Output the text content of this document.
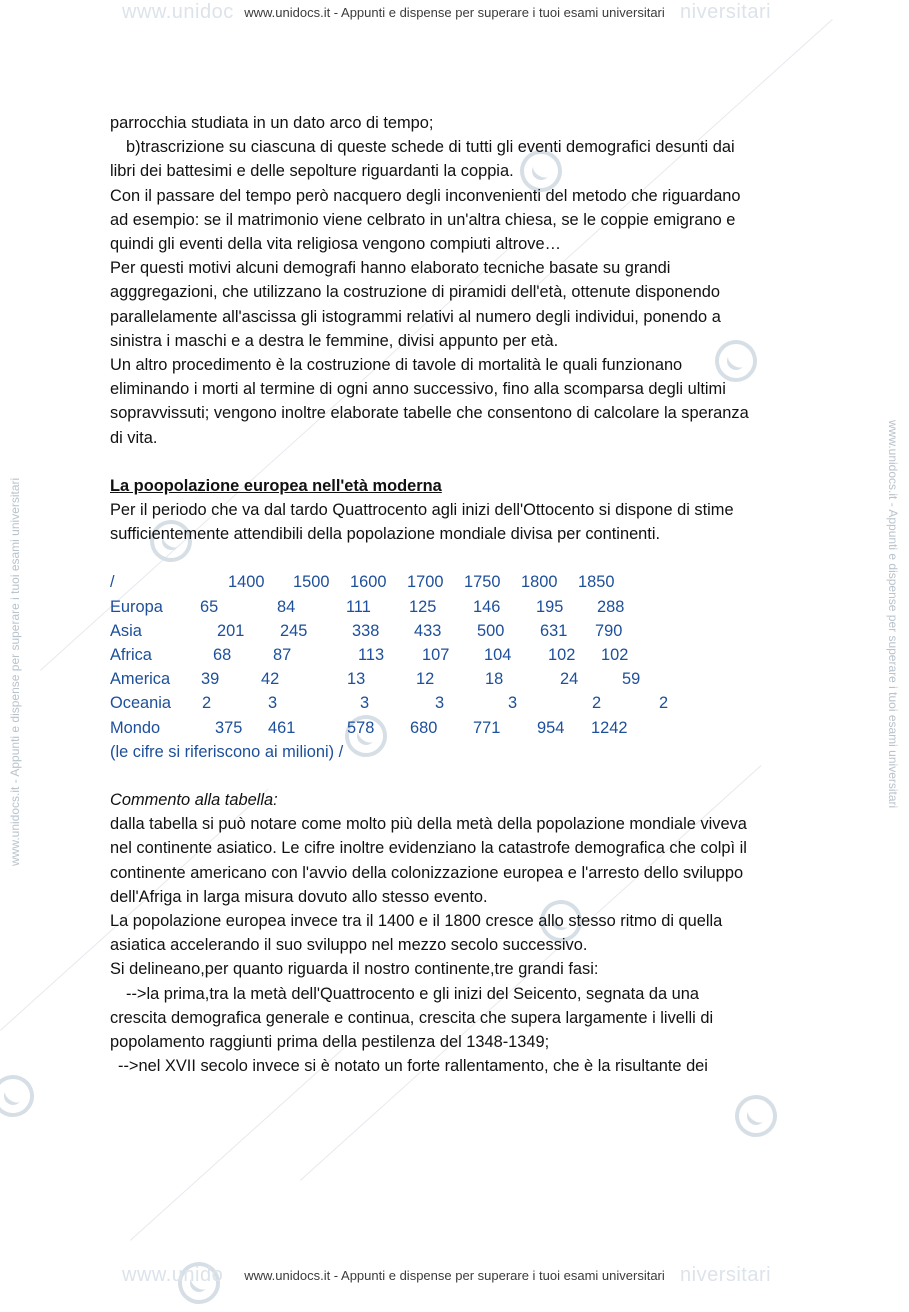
www.unidoc	niversitari
www.unido	niversitari
www.unidocs.it - Appunti e dispense per superare i tuoi esami universitari
www.unidocs.it - Appunti e dispense per superare i tuoi esami universitari
www.unidocs.it - Appunti e dispense per superare i tuoi esami universitari	www.unidocs.it - Appunti e dispense per superare i tuoi esami universitari

parrocchia studiata in un dato arco di tempo;

b)trascrizione su ciascuna di queste schede di tutti gli eventi demografici desunti dai

libri dei battesimi e delle sepolture riguardanti la coppia.

Con il passare del tempo però nacquero degli inconvenienti del metodo che riguardano

ad esempio: se il matrimonio viene celbrato in un'altra chiesa, se le coppie emigrano e

quindi gli eventi della vita religiosa vengono compiuti altrove…

Per questi motivi alcuni demografi hanno elaborato tecniche basate su grandi

agggregazioni, che utilizzano la costruzione di piramidi dell'età, ottenute disponendo

parallelamente all'ascissa gli istogrammi relativi al numero degli individui, ponendo a

sinistra i maschi e a destra le femmine, divisi appunto per età.

Un altro procedimento è la costruzione di tavole di mortalità le quali funzionano

eliminando i morti al termine di ogni anno successivo, fino alla scomparsa degli ultimi

sopravvissuti; vengono inoltre elaborate tabelle che consentono di calcolare la speranza

di vita.

La poopolazione europea nell'età moderna

Per il periodo che va dal tardo Quattrocento agli inizi dell'Ottocento si dispone di stime

sufficientemente attendibili della popolazione mondiale divisa per continenti.

/	1400 1500 1600 1700 1750 1800 1850
Europa 65	84	111 125 146 195 288
Asia	201 245	338 433 500 631 790
Africa	68	87	113 107 104 102 102
America 39	42	13	12	18	24	59
Oceania 2	3	3	3	3	2	2
Mondo	375 461	578 680 771 954 1242

(le cifre si riferiscono ai milioni) /

Commento alla tabella:

dalla tabella si può notare come molto più della metà della popolazione mondiale viveva

nel continente asiatico. Le cifre inoltre evidenziano la catastrofe demografica che colpì il

continente americano con l'avvio della colonizzazione europea e l'arresto dello sviluppo

dell'Afriga in larga misura dovuto allo stesso evento.

La popolazione europea invece tra il 1400 e il 1800 cresce allo stesso ritmo di quella

asiatica accelerando il suo sviluppo nel mezzo secolo successivo.

Si delineano,per quanto riguarda il nostro continente,tre grandi fasi:

-->la prima,tra la metà dell'Quattrocento e gli inizi del Seicento, segnata da una

crescita demografica generale e continua, crescita che supera largamente i livelli di

popolamento raggiunti prima della pestilenza del 1348-1349;

-->nel XVII secolo invece si è notato un forte rallentamento, che è la risultante dei
